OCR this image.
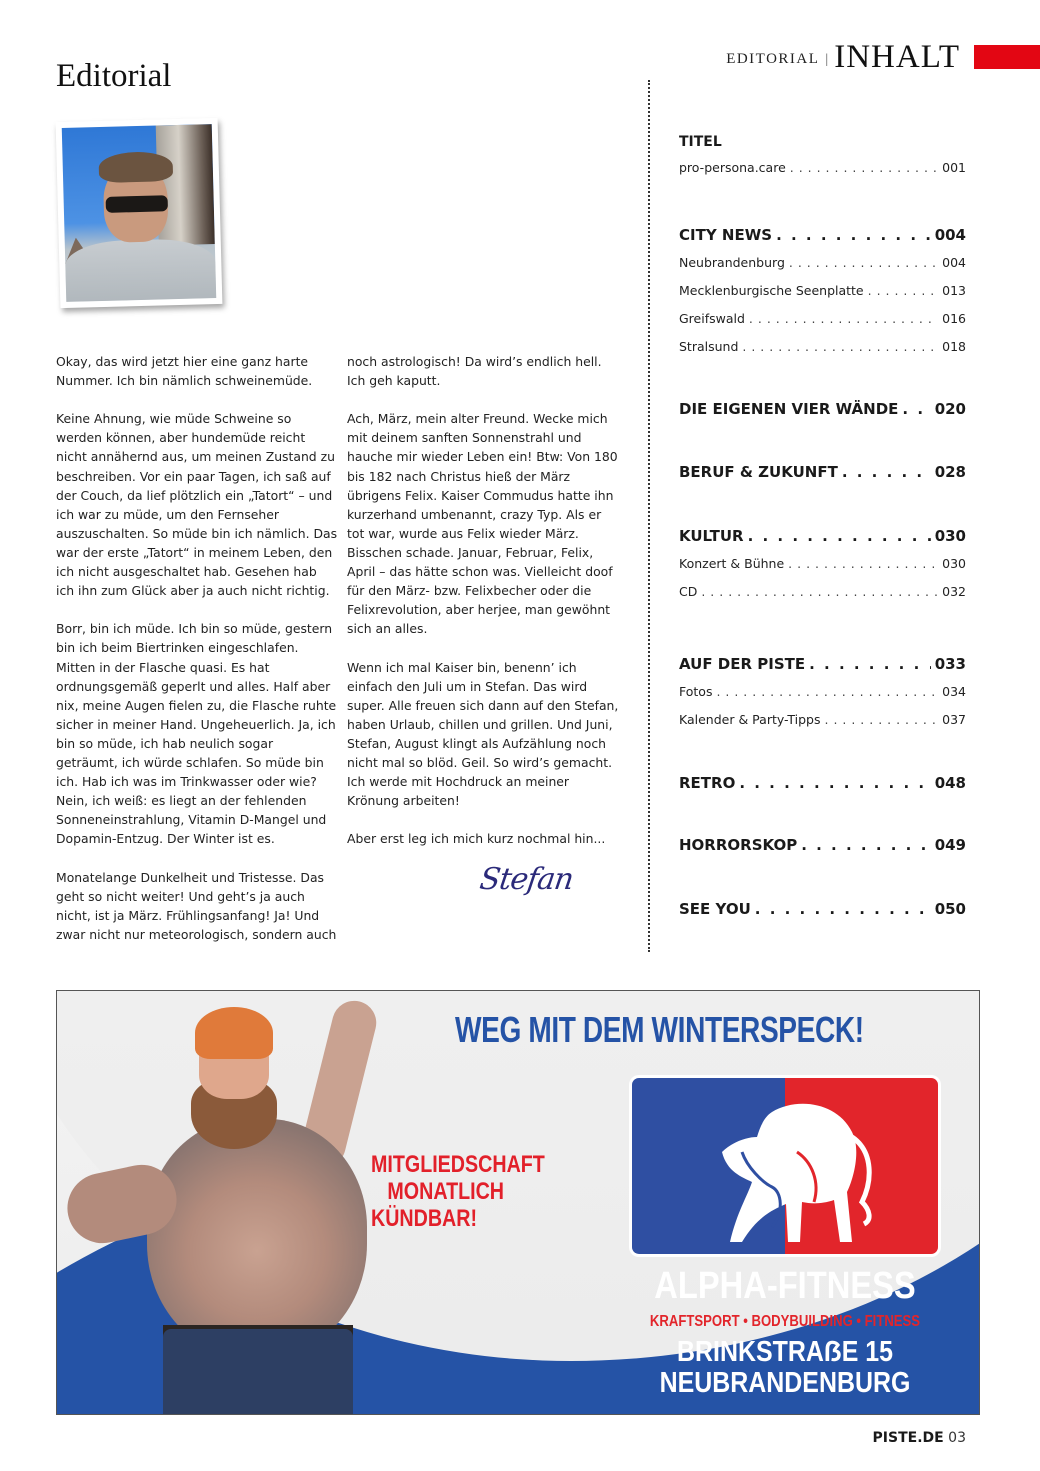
EDITORIAL | INHALT
Editorial

Okay, das wird jetzt hier eine ganz harte Nummer. Ich bin nämlich schweinemüde.

Keine Ahnung, wie müde Schweine so werden können, aber hundemüde reicht nicht annähernd aus, um meinen Zustand zu beschreiben. Vor ein paar Tagen, ich saß auf der Couch, da lief plötzlich ein „Tatort“ – und ich war zu müde, um den Fernseher auszuschalten. So müde bin ich nämlich. Das war der erste „Tatort“ in meinem Leben, den ich nicht ausgeschaltet hab. Gesehen hab ich ihn zum Glück aber ja auch nicht richtig.

Borr, bin ich müde. Ich bin so müde, gestern bin ich beim Biertrinken eingeschlafen. Mitten in der Flasche quasi. Es hat ordnungsgemäß geperlt und alles. Half aber nix, meine Augen fielen zu, die Flasche ruhte sicher in meiner Hand. Ungeheuerlich. Ja, ich bin so müde, ich hab neulich sogar geträumt, ich würde schlafen. So müde bin ich. Hab ich was im Trinkwasser oder wie? Nein, ich weiß: es liegt an der fehlenden Sonneneinstrahlung, Vitamin D-Mangel und Dopamin-Entzug. Der Winter ist es.

Monatelange Dunkelheit und Tristesse. Das geht so nicht weiter! Und geht’s ja auch nicht, ist ja März. Frühlingsanfang! Ja! Und zwar nicht nur meteorologisch, sondern auch

noch astrologisch! Da wird’s endlich hell. Ich geh kaputt.

Ach, März, mein alter Freund. Wecke mich mit deinem sanften Sonnenstrahl und hauche mir wieder Leben ein! Btw: Von 180 bis 182 nach Christus hieß der März übrigens Felix. Kaiser Commudus hatte ihn kurzerhand umbenannt, crazy Typ. Als er tot war, wurde aus Felix wieder März. Bisschen schade. Januar, Februar, Felix, April – das hätte schon was. Vielleicht doof für den März- bzw. Felixbecher oder die Felixrevolution, aber herjee, man gewöhnt sich an alles.

Wenn ich mal Kaiser bin, benenn’ ich einfach den Juli um in Stefan. Das wird super. Alle freuen sich dann auf den Stefan, haben Urlaub, chillen und grillen. Und Juni, Stefan, August klingt als Aufzählung noch nicht mal so blöd. Geil. So wird’s gemacht. Ich werde mit Hochdruck an meiner Krönung arbeiten!

Aber erst leg ich mich kurz nochmal hin...

Stefan
TITEL
pro-persona.care . . .	001
CITY NEWS . . .	004
Neubrandenburg . . .	004
Mecklenburgische Seenplatte . . .	013
Greifswald . . .	016
Stralsund . . .	018
DIE EIGENEN VIER WÄNDE . . . 020
BERUF & ZUKUNFT . . .	028
KULTUR . . .	030
Konzert & Bühne . . .	030
CD . . .	032
AUF DER PISTE . . .	033
Fotos . . .	034
Kalender & Party-Tipps . . .	037
RETRO . . .	048
HORRORSKOP . . .	049
SEE YOU . . .	050
WEG MIT DEM WINTERSPECK!
MITGLIEDSCHAFT
MONATLICH
KÜNDBAR!
ALPHA-FITNESS
KRAFTSPORT • BODYBUILDING • FITNESS
BRINKSTRAẞE 15
NEUBRANDENBURG
PISTE.DE 03
